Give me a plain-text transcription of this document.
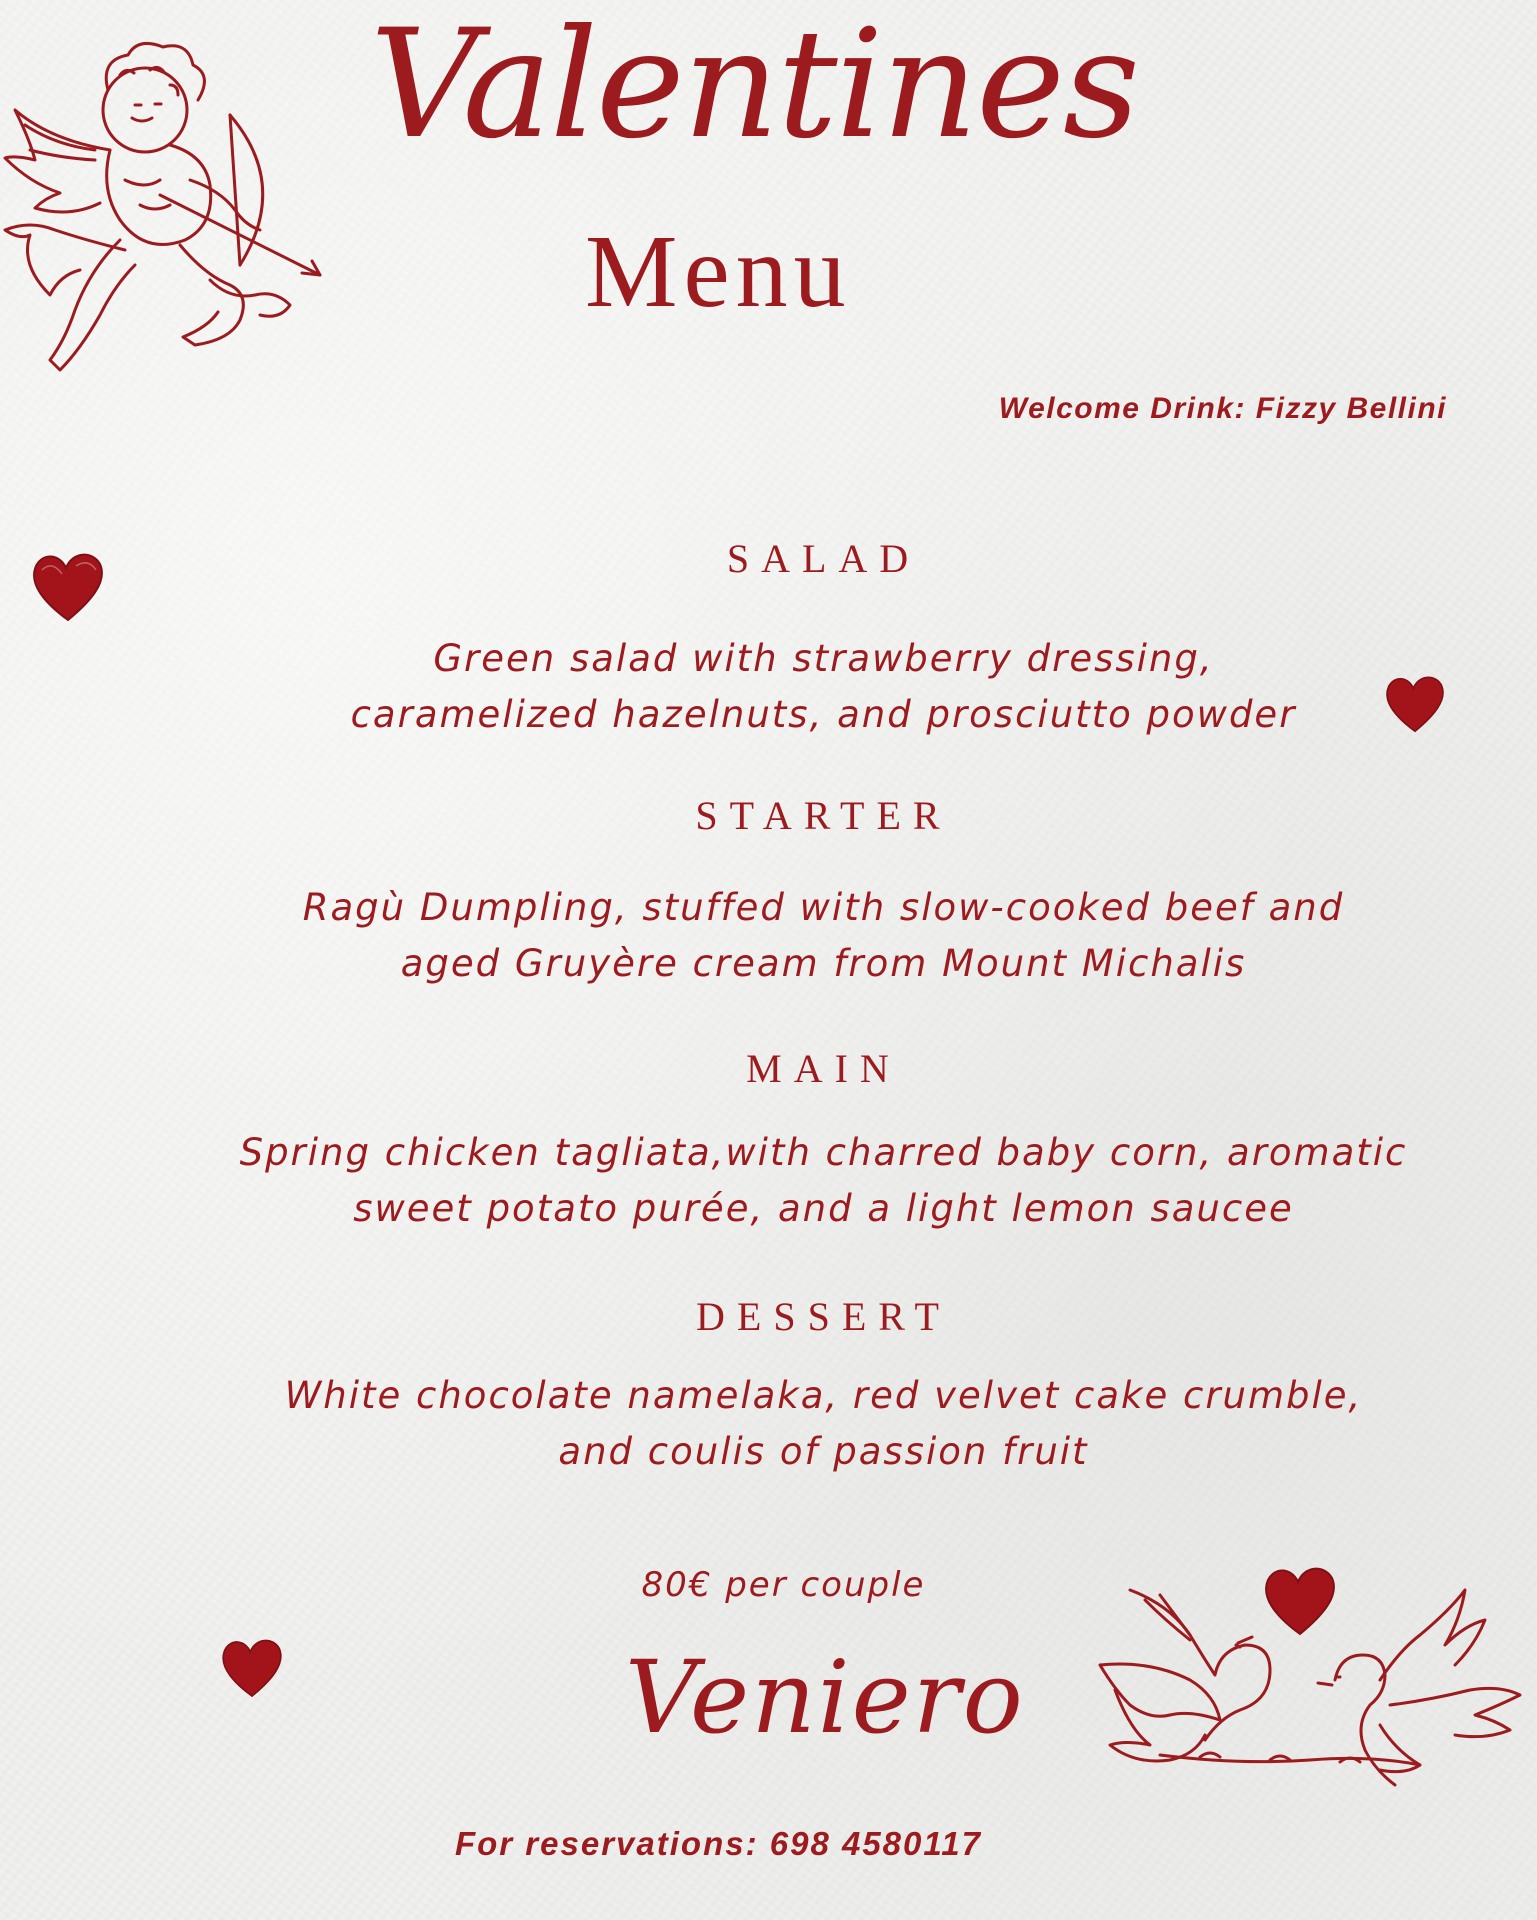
Valentines
Menu
Welcome Drink: Fizzy Bellini
SALAD
Green salad with strawberry dressing,
caramelized hazelnuts, and prosciutto powder
STARTER
Ragù Dumpling, stuffed with slow-cooked beef and
aged Gruyère cream from Mount Michalis
MAIN
Spring chicken tagliata,with charred baby corn, aromatic
sweet potato purée, and a light lemon saucee
DESSERT
White chocolate namelaka, red velvet cake crumble,
and coulis of passion fruit
80€ per couple
Veniero
For reservations: 698 4580117
